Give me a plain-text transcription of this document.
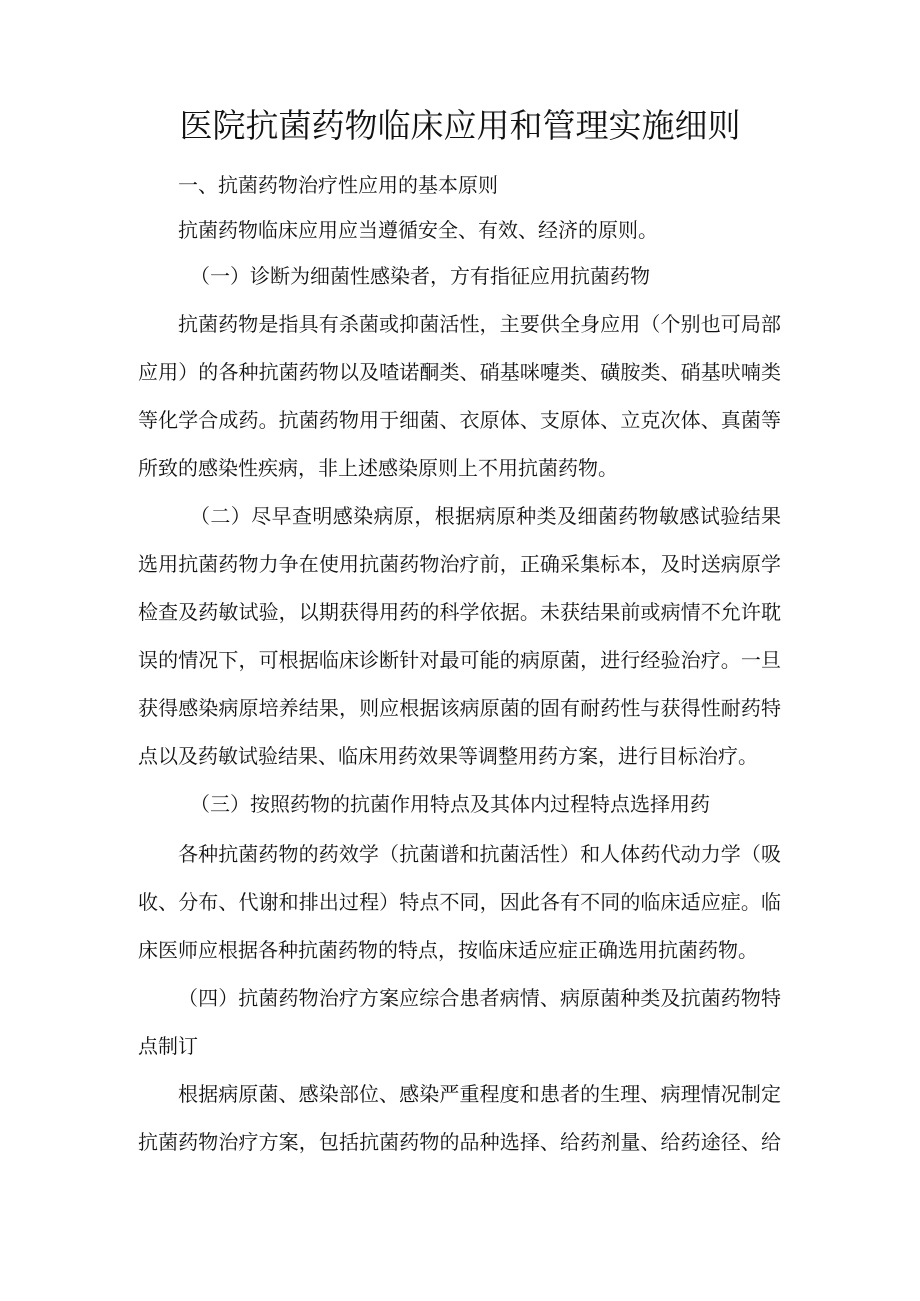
医院抗菌药物临床应用和管理实施细则
一、抗菌药物治疗性应用的基本原则
抗菌药物临床应用应当遵循安全、有效、经济的原则。
（一）诊断为细菌性感染者，方有指征应用抗菌药物
抗菌药物是指具有杀菌或抑菌活性，主要供全身应用（个别也可局部
应用）的各种抗菌药物以及喳诺酮类、硝基咪嚏类、磺胺类、硝基吠喃类
等化学合成药。抗菌药物用于细菌、衣原体、支原体、立克次体、真菌等
所致的感染性疾病，非上述感染原则上不用抗菌药物。
（二）尽早查明感染病原，根据病原种类及细菌药物敏感试验结果
选用抗菌药物力争在使用抗菌药物治疗前，正确采集标本，及时送病原学
检查及药敏试验，以期获得用药的科学依据。未获结果前或病情不允许耽
误的情况下，可根据临床诊断针对最可能的病原菌，进行经验治疗。一旦
获得感染病原培养结果，则应根据该病原菌的固有耐药性与获得性耐药特
点以及药敏试验结果、临床用药效果等调整用药方案，进行目标治疗。
（三）按照药物的抗菌作用特点及其体内过程特点选择用药
各种抗菌药物的药效学（抗菌谱和抗菌活性）和人体药代动力学（吸
收、分布、代谢和排出过程）特点不同，因此各有不同的临床适应症。临
床医师应根据各种抗菌药物的特点，按临床适应症正确选用抗菌药物。
（四）抗菌药物治疗方案应综合患者病情、病原菌种类及抗菌药物特
点制订
根据病原菌、感染部位、感染严重程度和患者的生理、病理情况制定
抗菌药物治疗方案，包括抗菌药物的品种选择、给药剂量、给药途径、给
